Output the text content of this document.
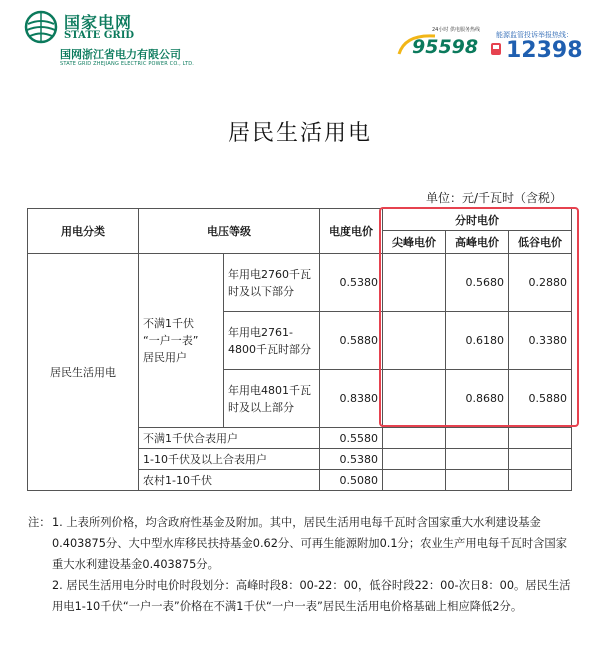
国家电网
STATE GRID
国网浙江省电力有限公司
STATE GRID ZHEJIANG ELECTRIC POWER CO., LTD.
24小时 供电服务热线
95598
能源监管投诉举报热线：
12398
居民生活用电
单位：元/千瓦时（含税）
用电分类	电压等级		电度电价	分时电价		
				尖峰电价	高峰电价	低谷电价
居民生活用电	不满1千伏
“一户一表”
居民用户	年用电2760千瓦时及以下部分	0.5380		0.5680	0.2880
		年用电2761-4800千瓦时部分	0.5880		0.6180	0.3380
		年用电4801千瓦时及以上部分	0.8380		0.8680	0.5880
	不满1千伏合表用户		0.5580			
	1-10千伏及以上合表用户		0.5380			
	农村1-10千伏		0.5080			
注： 1. 上表所列价格，均含政府性基金及附加。其中，居民生活用电每千瓦时含国家重大水利建设基金0.403875分、大中型水库移民扶持基金0.62分、可再生能源附加0.1分；农业生产用电每千瓦时含国家重大水利建设基金0.403875分。
2. 居民生活用电分时电价时段划分：高峰时段8：00-22：00，低谷时段22：00-次日8：00。居民生活用电1-10千伏“一户一表”价格在不满1千伏“一户一表”居民生活用电价格基础上相应降低2分。
